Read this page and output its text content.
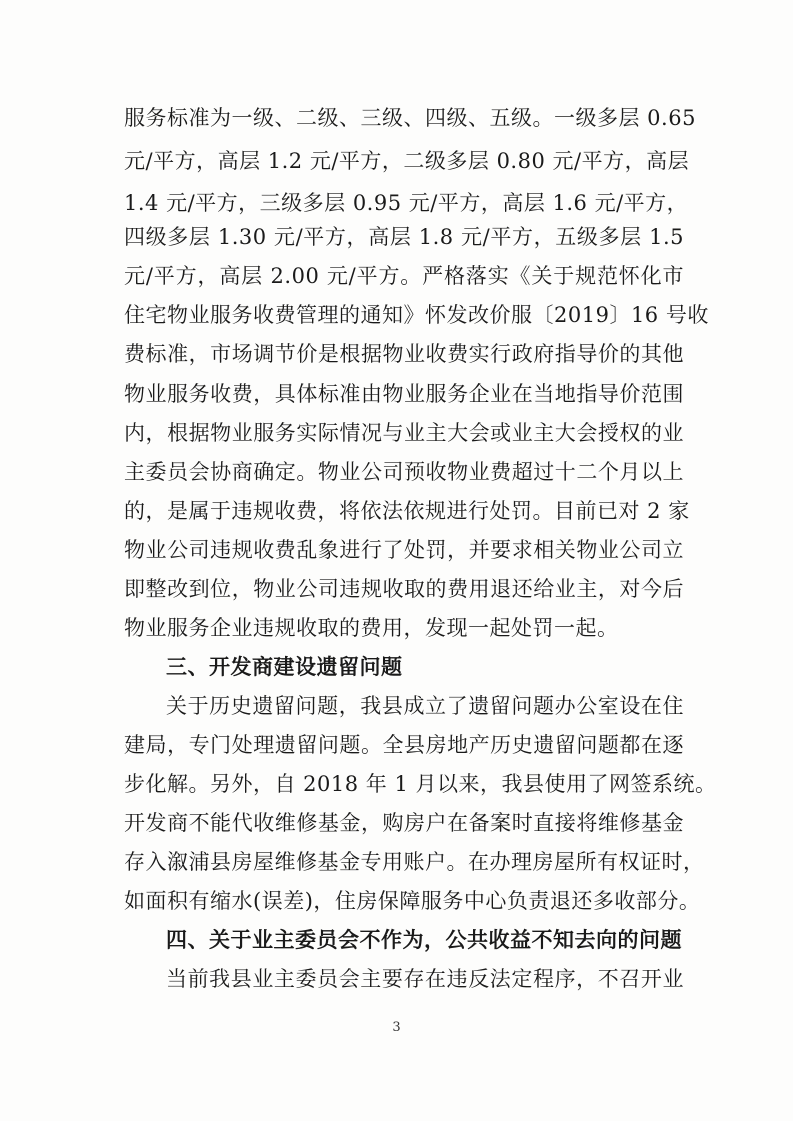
服务标准为一级、二级、三级、四级、五级。一级多层 0.65
元/平方，高层 1.2 元/平方，二级多层 0.80 元/平方，高层
1.4 元/平方，三级多层 0.95 元/平方，高层 1.6 元/平方，
四级多层 1.30 元/平方，高层 1.8 元/平方，五级多层 1.5
元/平方，高层 2.00 元/平方。严格落实《关于规范怀化市
住宅物业服务收费管理的通知》怀发改价服〔2019〕16 号收
费标准，市场调节价是根据物业收费实行政府指导价的其他
物业服务收费，具体标准由物业服务企业在当地指导价范围
内，根据物业服务实际情况与业主大会或业主大会授权的业
主委员会协商确定。物业公司预收物业费超过十二个月以上
的，是属于违规收费，将依法依规进行处罚。目前已对 2 家
物业公司违规收费乱象进行了处罚，并要求相关物业公司立
即整改到位，物业公司违规收取的费用退还给业主，对今后
物业服务企业违规收取的费用，发现一起处罚一起。
三、开发商建设遗留问题
关于历史遗留问题，我县成立了遗留问题办公室设在住
建局，专门处理遗留问题。全县房地产历史遗留问题都在逐
步化解。另外，自 2018 年 1 月以来，我县使用了网签系统。
开发商不能代收维修基金，购房户在备案时直接将维修基金
存入溆浦县房屋维修基金专用账户。在办理房屋所有权证时，
如面积有缩水(误差)，住房保障服务中心负责退还多收部分。
四、关于业主委员会不作为，公共收益不知去向的问题
当前我县业主委员会主要存在违反法定程序，不召开业
3
